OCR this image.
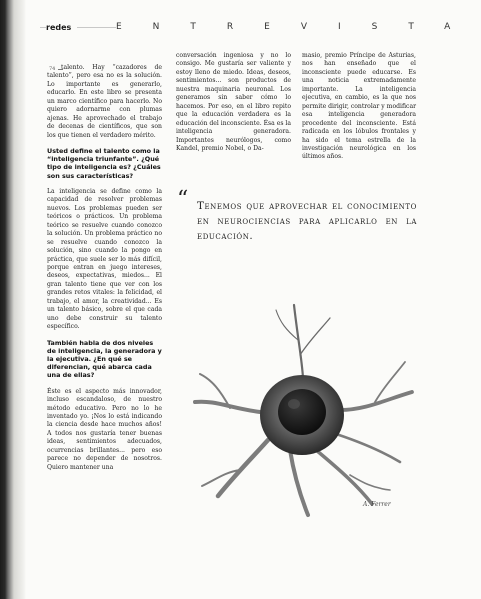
redes	ENTREVISTA
74 talento. Hay “cazadores de talento”, pero esa no es la solución. Lo importante es generarlo, educarlo. En este libro se presenta un marco científico para hacerlo. No quiero adornarme con plumas ajenas. He aprovechado el trabajo de decenas de científicos, que son los que tienen el verdadero mérito.

Usted define el talento como la “inteligencia triunfante”. ¿Qué tipo de inteligencia es? ¿Cuáles son sus características?

La inteligencia se define como la capacidad de resolver problemas nuevos. Los problemas pueden ser teóricos o prácticos. Un problema teórico se resuelve cuando conozco la solución. Un problema práctico no se resuelve cuando conozco la solución, sino cuando la pongo en práctica, que suele ser lo más difícil, porque entran en juego intereses, deseos, expectativas, miedos... El gran talento tiene que ver con los grandes retos vitales: la felicidad, el trabajo, el amor, la creatividad... Es un talento básico, sobre el que cada uno debe construir su talento específico.

También habla de dos niveles de inteligencia, la generadora y la ejecutiva. ¿En qué se diferencian, qué abarca cada una de ellas?

Éste es el aspecto más innovador, incluso escandaloso, de nuestro método educativo. Pero no lo he inventado yo. ¡Nos lo está indicando la ciencia desde hace muchos años! A todos nos gustaría tener buenas ideas, sentimientos adecuados, ocurrencias brillantes... pero eso parece no depender de nosotros. Quiero mantener una

conversación ingeniosa y no lo consigo. Me gustaría ser valiente y estoy lleno de miedo. Ideas, deseos, sentimientos... son productos de nuestra maquinaria neuronal. Los generamos sin saber cómo lo hacemos. Por eso, en el libro repito que la educación verdadera es la educación del inconsciente. Ésa es la inteligencia generadora. Importantes neurólogos, como Kandel, premio Nobel, o Da-

masio, premio Príncipe de Asturias, nos han enseñado que el inconsciente puede educarse. Es una noticia extremadamente importante. La inteligencia ejecutiva, en cambio, es la que nos permite dirigir, controlar y modificar esa inteligencia generadora procedente del inconsciente. Está radicada en los lóbulos frontales y ha sido el tema estrella de la investigación neurológica en los últimos años.

“ Tenemos que aprovechar el conocimiento en neurociencias para aplicarlo en la educación.
A. Ferrer
